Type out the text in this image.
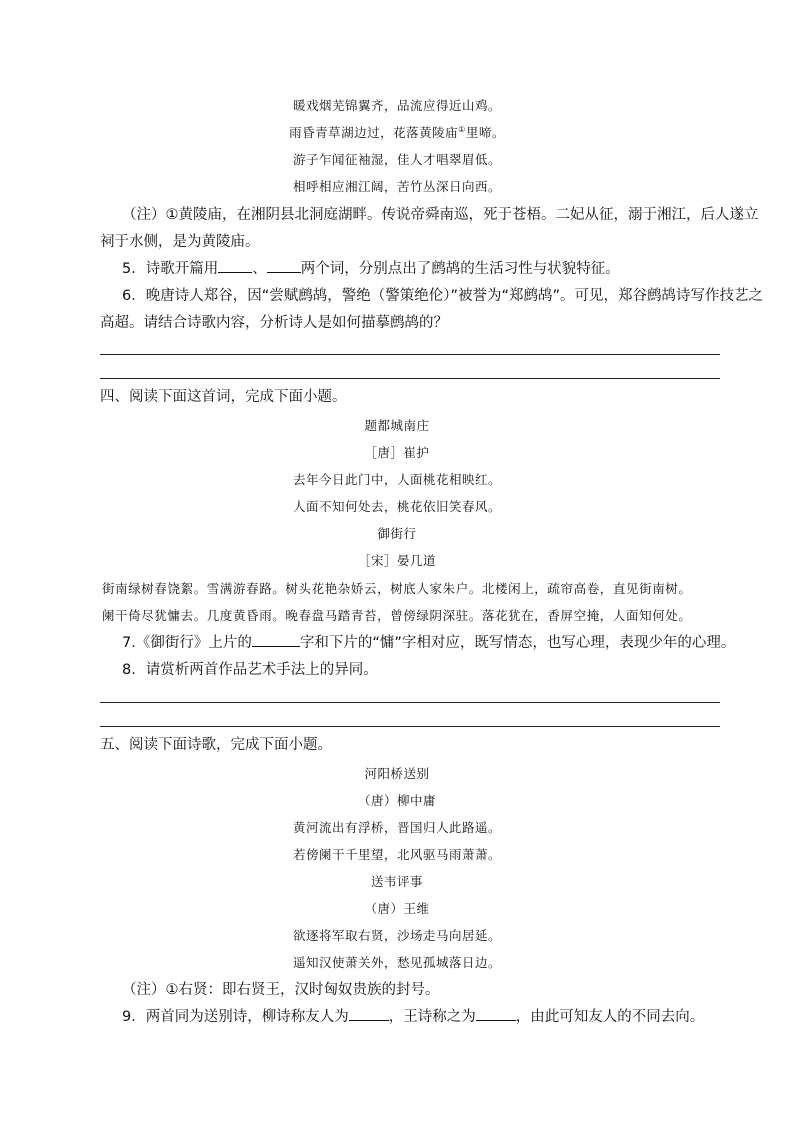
暖戏烟芜锦翼齐，品流应得近山鸡。
雨昏青草湖边过，花落黄陵庙①里啼。
游子乍闻征袖湿，佳人才唱翠眉低。
相呼相应湘江阔，苦竹丛深日向西。
（注）①黄陵庙，在湘阴县北洞庭湖畔。传说帝舜南巡，死于苍梧。二妃从征，溺于湘江，后人遂立
祠于水侧，是为黄陵庙。
5．诗歌开篇用 、 两个词，分别点出了鹧鸪的生活习性与状貌特征。
6．晚唐诗人郑谷，因“尝赋鹧鸪，警绝（警策绝伦）”被誉为“郑鹧鸪”。可见，郑谷鹧鸪诗写作技艺之
高超。请结合诗歌内容，分析诗人是如何描摹鹧鸪的？
四、阅读下面这首词，完成下面小题。
题都城南庄
［唐］崔护
去年今日此门中，人面桃花相映红。
人面不知何处去，桃花依旧笑春风。
御街行
［宋］晏几道
街南绿树春饶絮。雪满游春路。树头花艳杂娇云，树底人家朱户。北楼闲上，疏帘高卷，直见街南树。
阑干倚尽犹慵去。几度黄昏雨。晚春盘马踏青苔，曾傍绿阴深驻。落花犹在，香屏空掩，人面知何处。
7.《御街行》上片的	字和下片的“慵”字相对应，既写情态，也写心理，表现少年的心理。
8．请赏析两首作品艺术手法上的异同。
五、阅读下面诗歌，完成下面小题。
河阳桥送别
（唐）柳中庸
黄河流出有浮桥，晋国归人此路遥。
若傍阑干千里望，北风驱马雨萧萧。
送韦评事
（唐）王维
欲逐将军取右贤，沙场走马向居延。
遥知汉使萧关外，愁见孤城落日边。
（注）①右贤：即右贤王，汉时匈奴贵族的封号。
9．两首同为送别诗，柳诗称友人为	，王诗称之为	，由此可知友人的不同去向。
